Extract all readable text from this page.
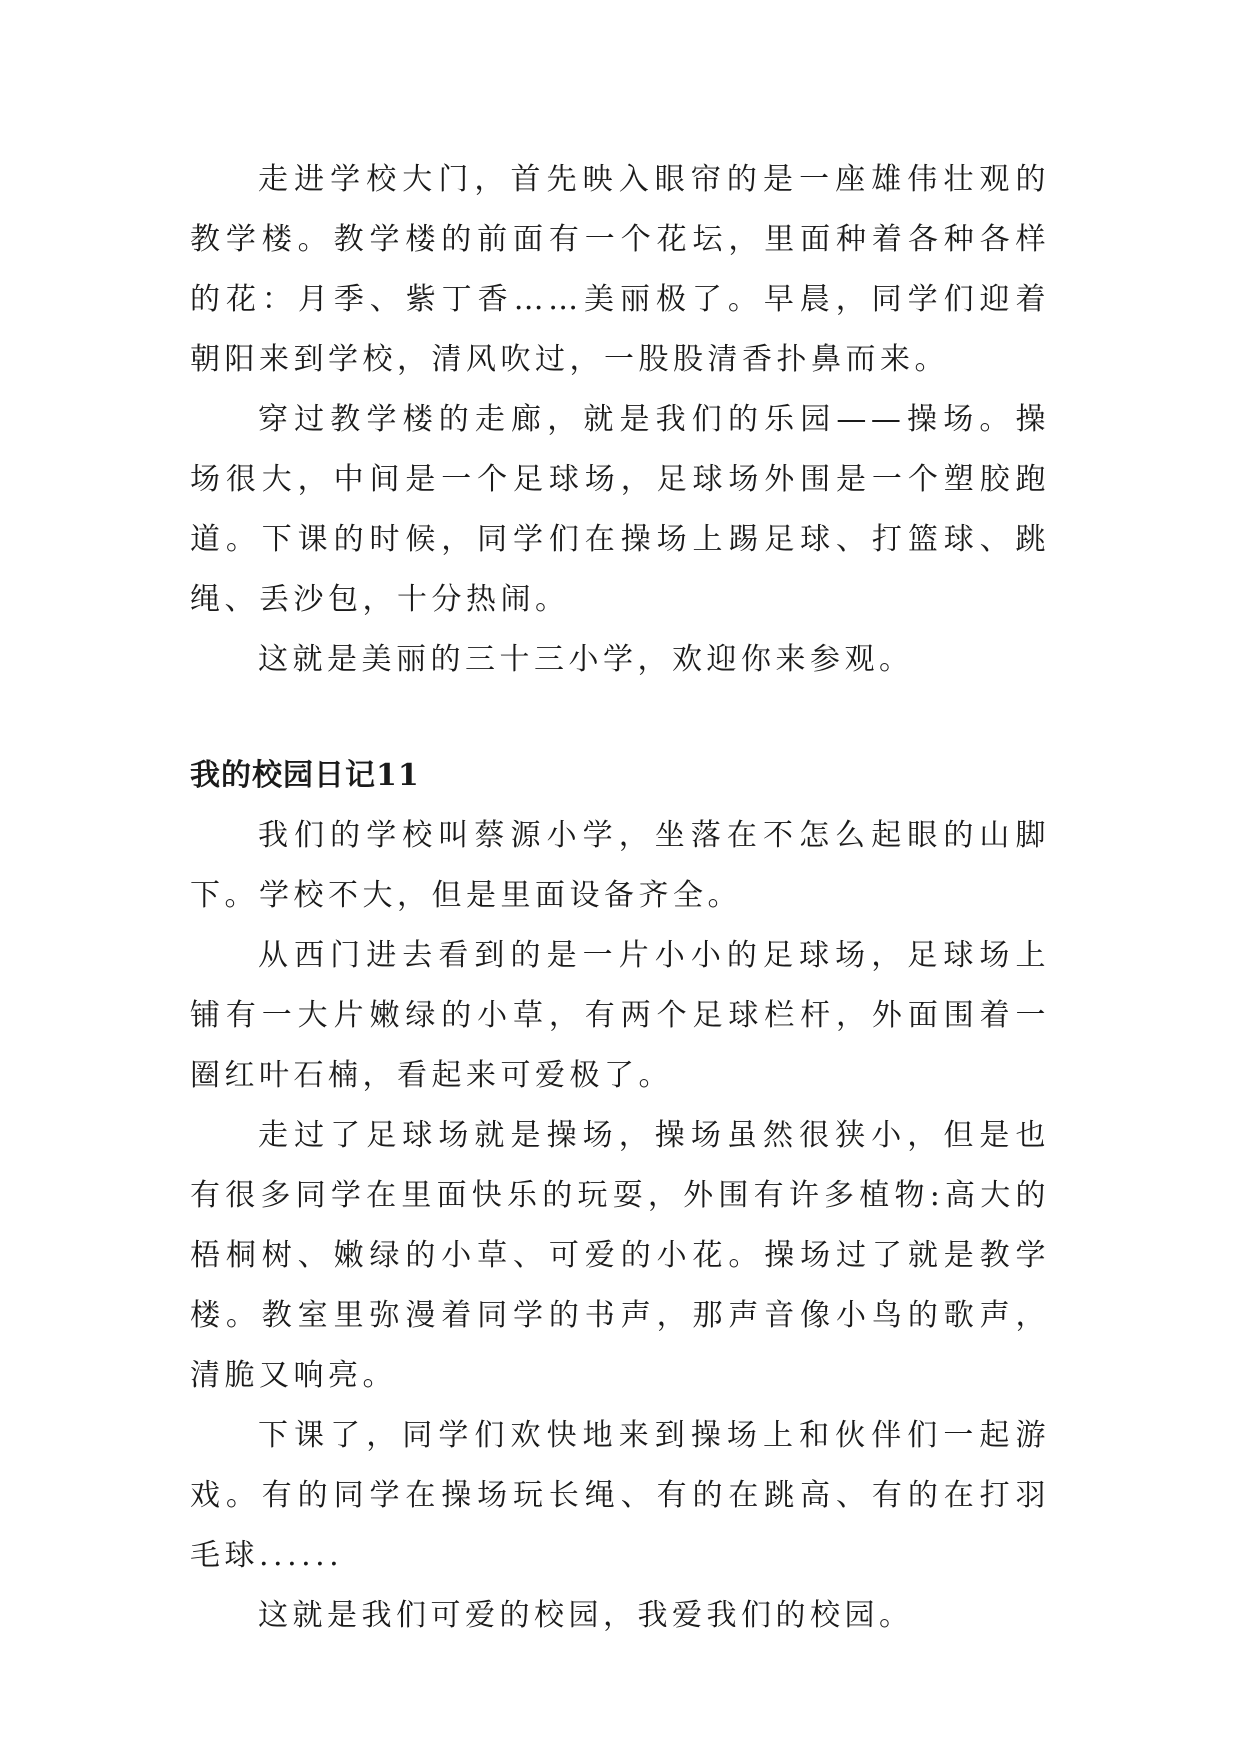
走进学校大门，首先映入眼帘的是一座雄伟壮观的教学楼。教学楼的前面有一个花坛，里面种着各种各样的花：月季、紫丁香……美丽极了。早晨，同学们迎着朝阳来到学校，清风吹过，一股股清香扑鼻而来。

穿过教学楼的走廊，就是我们的乐园——操场。操场很大，中间是一个足球场，足球场外围是一个塑胶跑道。下课的时候，同学们在操场上踢足球、打篮球、跳绳、丢沙包，十分热闹。

这就是美丽的三十三小学，欢迎你来参观。

我的校园日记11

我们的学校叫蔡源小学，坐落在不怎么起眼的山脚下。学校不大，但是里面设备齐全。

从西门进去看到的是一片小小的足球场，足球场上铺有一大片嫩绿的小草，有两个足球栏杆，外面围着一圈红叶石楠，看起来可爱极了。

走过了足球场就是操场，操场虽然很狭小，但是也有很多同学在里面快乐的玩耍，外围有许多植物:高大的梧桐树、嫩绿的小草、可爱的小花。操场过了就是教学楼。教室里弥漫着同学的书声，那声音像小鸟的歌声，清脆又响亮。

下课了，同学们欢快地来到操场上和伙伴们一起游戏。有的同学在操场玩长绳、有的在跳高、有的在打羽毛球......

这就是我们可爱的校园，我爱我们的校园。
